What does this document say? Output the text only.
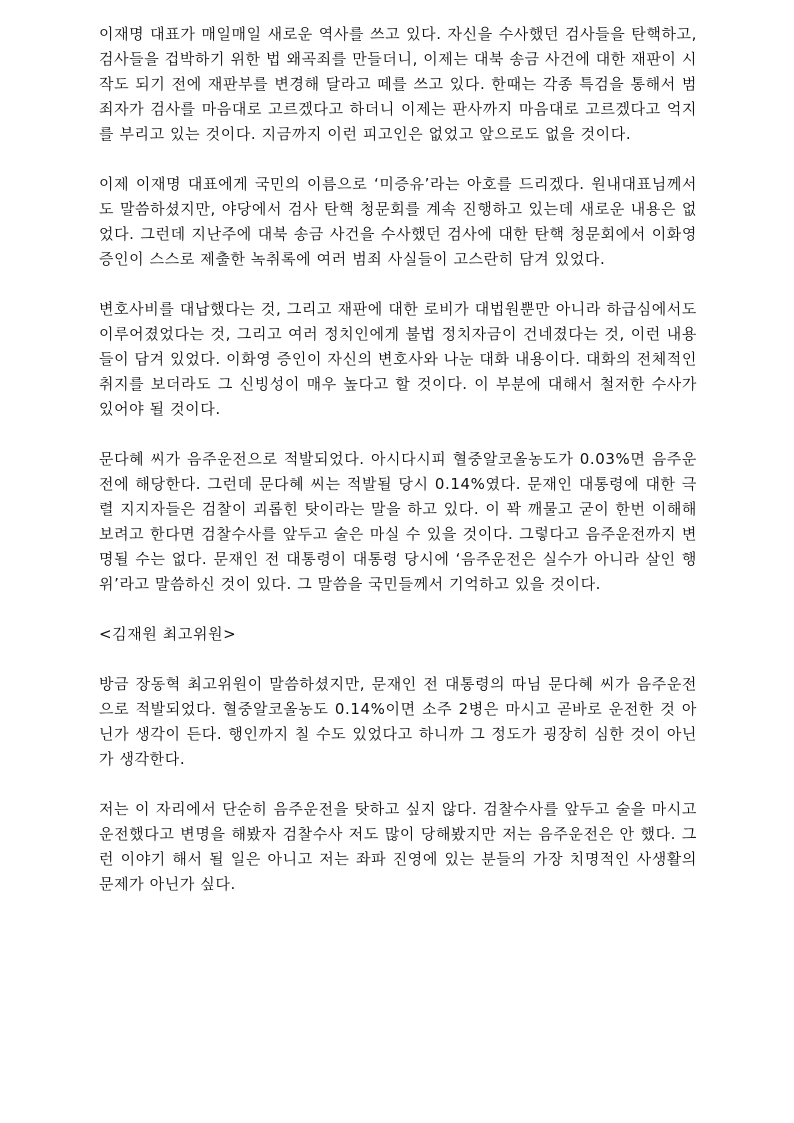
이재명 대표가 매일매일 새로운 역사를 쓰고 있다. 자신을 수사했던 검사들을 탄핵하고, 검사들을 겁박하기 위한 법 왜곡죄를 만들더니, 이제는 대북 송금 사건에 대한 재판이 시작도 되기 전에 재판부를 변경해 달라고 떼를 쓰고 있다. 한때는 각종 특검을 통해서 범죄자가 검사를 마음대로 고르겠다고 하더니 이제는 판사까지 마음대로 고르겠다고 억지를 부리고 있는 것이다. 지금까지 이런 피고인은 없었고 앞으로도 없을 것이다.

이제 이재명 대표에게 국민의 이름으로 ‘미증유’라는 아호를 드리겠다. 원내대표님께서도 말씀하셨지만, 야당에서 검사 탄핵 청문회를 계속 진행하고 있는데 새로운 내용은 없었다. 그런데 지난주에 대북 송금 사건을 수사했던 검사에 대한 탄핵 청문회에서 이화영 증인이 스스로 제출한 녹취록에 여러 범죄 사실들이 고스란히 담겨 있었다.

변호사비를 대납했다는 것, 그리고 재판에 대한 로비가 대법원뿐만 아니라 하급심에서도 이루어졌었다는 것, 그리고 여러 정치인에게 불법 정치자금이 건네졌다는 것, 이런 내용들이 담겨 있었다. 이화영 증인이 자신의 변호사와 나눈 대화 내용이다. 대화의 전체적인 취지를 보더라도 그 신빙성이 매우 높다고 할 것이다. 이 부분에 대해서 철저한 수사가 있어야 될 것이다.

문다혜 씨가 음주운전으로 적발되었다. 아시다시피 혈중알코올농도가 0.03%면 음주운전에 해당한다. 그런데 문다혜 씨는 적발될 당시 0.14%였다. 문재인 대통령에 대한 극렬 지지자들은 검찰이 괴롭힌 탓이라는 말을 하고 있다. 이 꽉 깨물고 굳이 한번 이해해 보려고 한다면 검찰수사를 앞두고 술은 마실 수 있을 것이다. 그렇다고 음주운전까지 변명될 수는 없다. 문재인 전 대통령이 대통령 당시에 ‘음주운전은 실수가 아니라 살인 행위’라고 말씀하신 것이 있다. 그 말씀을 국민들께서 기억하고 있을 것이다.

<김재원 최고위원>

방금 장동혁 최고위원이 말씀하셨지만, 문재인 전 대통령의 따님 문다혜 씨가 음주운전으로 적발되었다. 혈중알코올농도 0.14%이면 소주 2병은 마시고 곧바로 운전한 것 아닌가 생각이 든다. 행인까지 칠 수도 있었다고 하니까 그 정도가 굉장히 심한 것이 아닌가 생각한다.

저는 이 자리에서 단순히 음주운전을 탓하고 싶지 않다. 검찰수사를 앞두고 술을 마시고 운전했다고 변명을 해봤자 검찰수사 저도 많이 당해봤지만 저는 음주운전은 안 했다. 그런 이야기 해서 될 일은 아니고 저는 좌파 진영에 있는 분들의 가장 치명적인 사생활의 문제가 아닌가 싶다.
